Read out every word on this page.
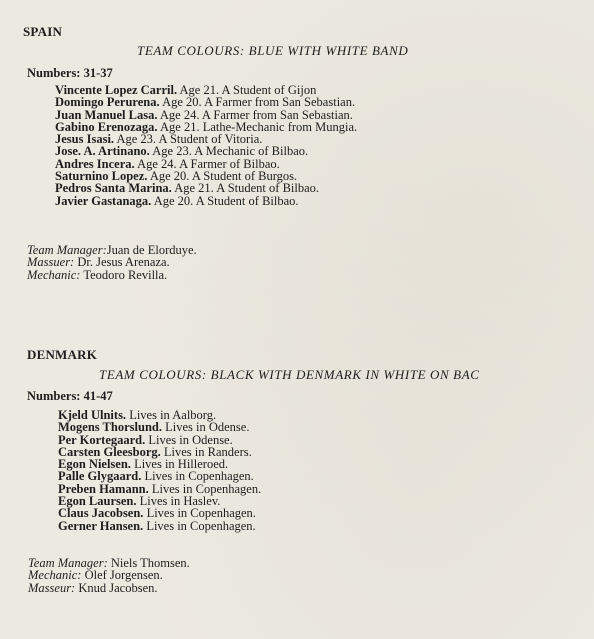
SPAIN
TEAM COLOURS: BLUE WITH WHITE BAND
Numbers: 31-37
Vincente Lopez Carril. Age 21. A Student of Gijon
Domingo Perurena. Age 20. A Farmer from San Sebastian.
Juan Manuel Lasa. Age 24. A Farmer from San Sebastian.
Gabino Erenozaga. Age 21. Lathe-Mechanic from Mungia.
Jesus Isasi. Age 23. A Student of Vitoria.
Jose. A. Artinano. Age 23. A Mechanic of Bilbao.
Andres Incera. Age 24. A Farmer of Bilbao.
Saturnino Lopez. Age 20. A Student of Burgos.
Pedros Santa Marina. Age 21. A Student of Bilbao.
Javier Gastanaga. Age 20. A Student of Bilbao.
Team Manager:Juan de Elorduye.
Massuer: Dr. Jesus Arenaza.
Mechanic: Teodoro Revilla.
DENMARK
TEAM COLOURS: BLACK WITH DENMARK IN WHITE ON BAC
Numbers: 41-47
Kjeld Ulnits. Lives in Aalborg.
Mogens Thorslund. Lives in Odense.
Per Kortegaard. Lives in Odense.
Carsten Gleesborg. Lives in Randers.
Egon Nielsen. Lives in Hilleroed.
Palle Glygaard. Lives in Copenhagen.
Preben Hamann. Lives in Copenhagen.
Egon Laursen. Lives in Haslev.
Claus Jacobsen. Lives in Copenhagen.
Gerner Hansen. Lives in Copenhagen.
Team Manager: Niels Thomsen.
Mechanic: Olef Jorgensen.
Masseur: Knud Jacobsen.
